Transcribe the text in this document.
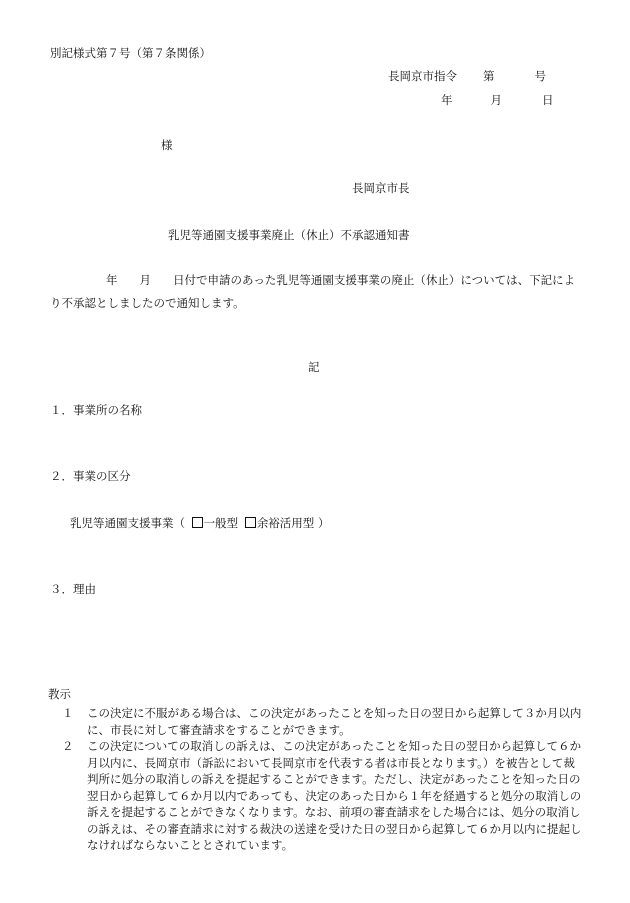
別記様式第７号（第７条関係）
長岡京市指令 第	号
年	月	日
様
長岡京市長
乳児等通園支援事業廃止（休止）不承認通知書
年 月 日付で申請のあった乳児等通園支援事業の廃止（休止）については、下記により不承認としましたので通知します。
記
１．事業所の名称
２．事業の区分
乳児等通園支援事業（ 一般型 余裕活用型 ）
３．理由
教示
１	この決定に不服がある場合は、この決定があったことを知った日の翌日から起算して３か月以内に、市長に対して審査請求をすることができます。
２	この決定についての取消しの訴えは、この決定があったことを知った日の翌日から起算して６か月以内に、長岡京市（訴訟において長岡京市を代表する者は市長となります。）を被告として裁判所に処分の取消しの訴えを提起することができます。ただし、決定があったことを知った日の翌日から起算して６か月以内であっても、決定のあった日から１年を経過すると処分の取消しの訴えを提起することができなくなります。なお、前項の審査請求をした場合には、処分の取消しの訴えは、その審査請求に対する裁決の送達を受けた日の翌日から起算して６か月以内に提起しなければならないこととされています。
